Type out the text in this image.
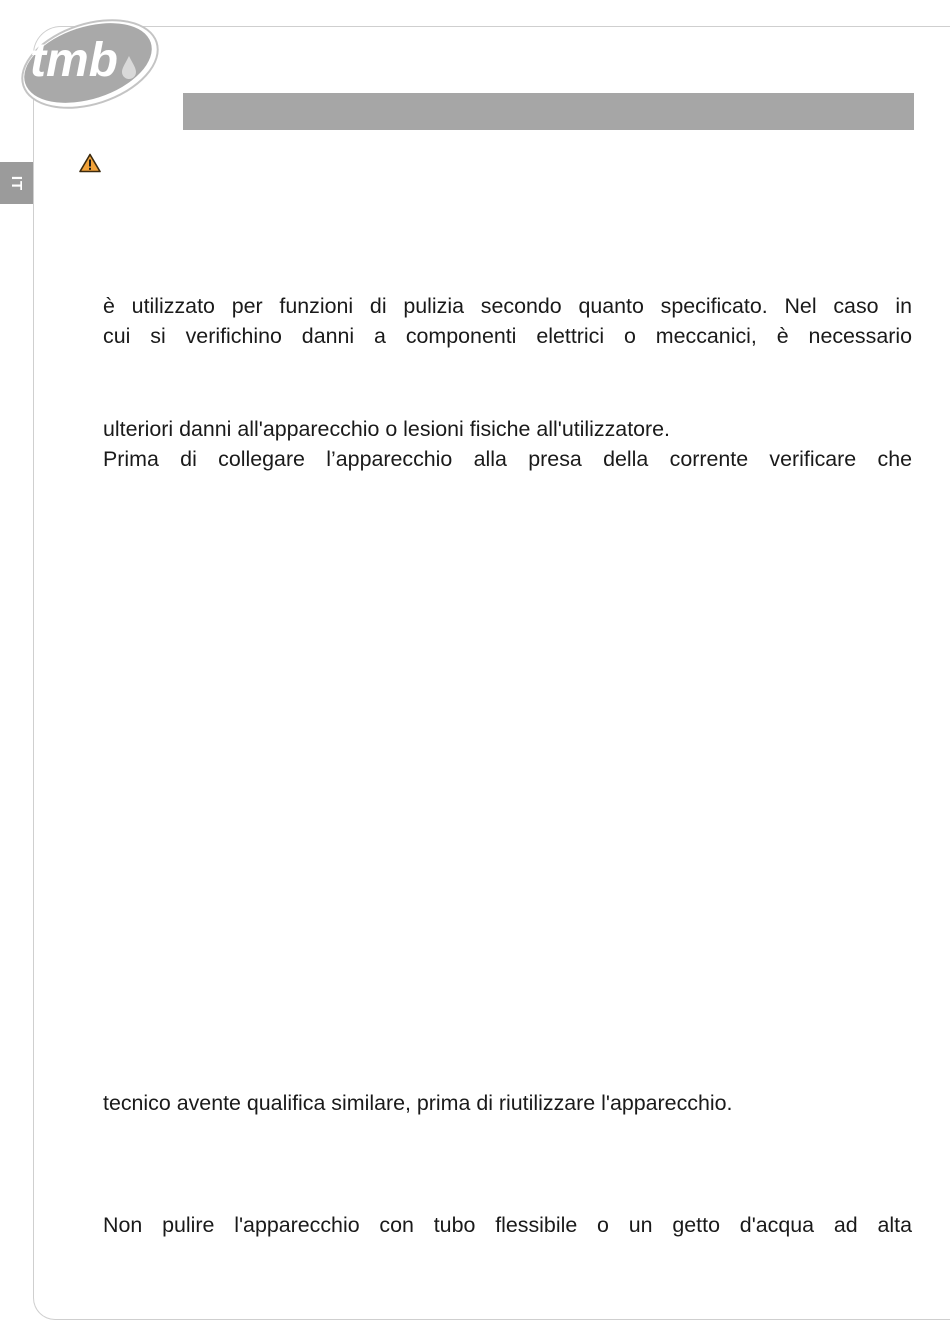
tmb
IT

è utilizzato per funzioni di pulizia secondo quanto specificato. Nel caso in

cui si verifichino danni a componenti elettrici o meccanici, è necessario

ulteriori danni all'apparecchio o lesioni fisiche all'utilizzatore.

Prima di collegare l’apparecchio alla presa della corrente verificare che

tecnico avente qualifica similare, prima di riutilizzare l'apparecchio.

Non pulire l'apparecchio con tubo flessibile o un getto d'acqua ad alta
